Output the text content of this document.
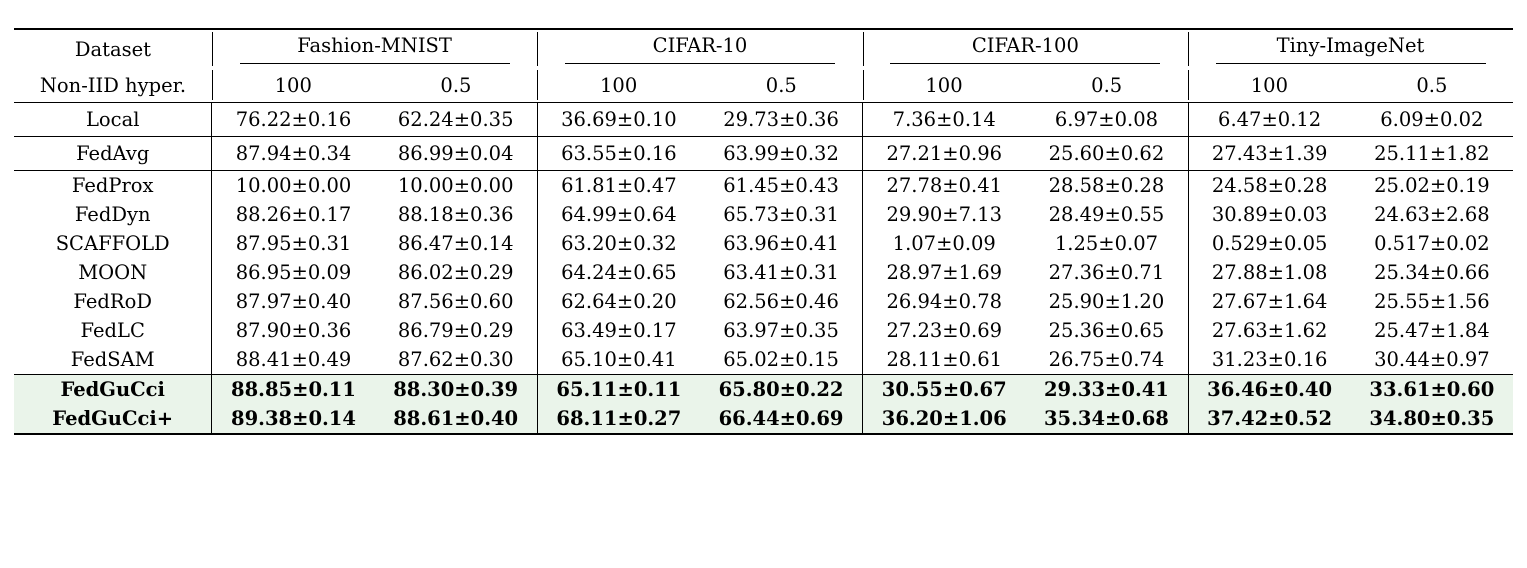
Dataset	Fashion-MNIST		CIFAR-10		CIFAR-100		Tiny-ImageNet	

Non-IID hyper.	100	0.5	100	0.5	100	0.5	100	0.5
Local	76.22±0.16	62.24±0.35	36.69±0.10	29.73±0.36	7.36±0.14	6.97±0.08	6.47±0.12	6.09±0.02
FedAvg	87.94±0.34	86.99±0.04	63.55±0.16	63.99±0.32	27.21±0.96	25.60±0.62	27.43±1.39	25.11±1.82
FedProx	10.00±0.00	10.00±0.00	61.81±0.47	61.45±0.43	27.78±0.41	28.58±0.28	24.58±0.28	25.02±0.19
FedDyn	88.26±0.17	88.18±0.36	64.99±0.64	65.73±0.31	29.90±7.13	28.49±0.55	30.89±0.03	24.63±2.68
SCAFFOLD	87.95±0.31	86.47±0.14	63.20±0.32	63.96±0.41	1.07±0.09	1.25±0.07	0.529±0.05	0.517±0.02
MOON	86.95±0.09	86.02±0.29	64.24±0.65	63.41±0.31	28.97±1.69	27.36±0.71	27.88±1.08	25.34±0.66
FedRoD	87.97±0.40	87.56±0.60	62.64±0.20	62.56±0.46	26.94±0.78	25.90±1.20	27.67±1.64	25.55±1.56
FedLC	87.90±0.36	86.79±0.29	63.49±0.17	63.97±0.35	27.23±0.69	25.36±0.65	27.63±1.62	25.47±1.84
FedSAM	88.41±0.49	87.62±0.30	65.10±0.41	65.02±0.15	28.11±0.61	26.75±0.74	31.23±0.16	30.44±0.97
FedGuCci	88.85±0.11	88.30±0.39	65.11±0.11	65.80±0.22	30.55±0.67	29.33±0.41	36.46±0.40	33.61±0.60
FedGuCci+	89.38±0.14	88.61±0.40	68.11±0.27	66.44±0.69	36.20±1.06	35.34±0.68	37.42±0.52	34.80±0.35
